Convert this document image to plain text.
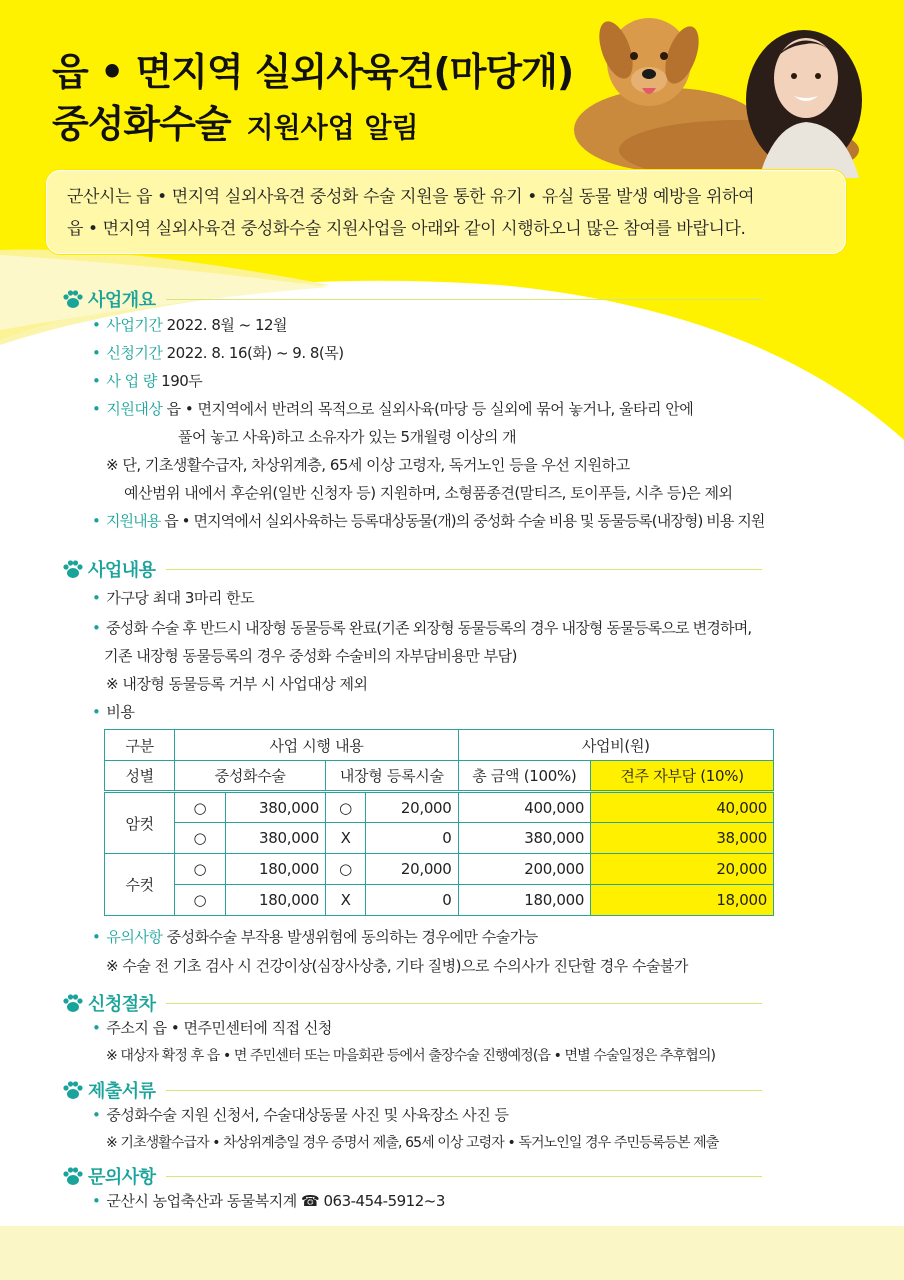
읍 • 면지역 실외사육견(마당개)
중성화수술 지원사업 알림

군산시는 읍 • 면지역 실외사육견 중성화 수술 지원을 통한 유기 • 유실 동물 발생 예방을 위하여

읍 • 면지역 실외사육견 중성화수술 지원사업을 아래와 같이 시행하오니 많은 참여를 바랍니다.

사업개요
• 사업기간 2022. 8월 ~ 12월
• 신청기간 2022. 8. 16(화) ~ 9. 8(목)
• 사 업 량 190두
• 지원대상 읍 • 면지역에서 반려의 목적으로 실외사육(마당 등 실외에 묶어 놓거나, 울타리 안에
풀어 놓고 사육)하고 소유자가 있는 5개월령 이상의 개
※ 단, 기초생활수급자, 차상위계층, 65세 이상 고령자, 독거노인 등을 우선 지원하고
예산범위 내에서 후순위(일반 신청자 등) 지원하며, 소형품종견(말티즈, 토이푸들, 시추 등)은 제외
• 지원내용 읍 • 면지역에서 실외사육하는 등록대상동물(개)의 중성화 수술 비용 및 동물등록(내장형) 비용 지원
사업내용
• 가구당 최대 3마리 한도
• 중성화 수술 후 반드시 내장형 동물등록 완료(기존 외장형 동물등록의 경우 내장형 동물등록으로 변경하며,
기존 내장형 동물등록의 경우 중성화 수술비의 자부담비용만 부담)
※ 내장형 동물등록 거부 시 사업대상 제외
• 비용
구분	사업 시행 내용				사업비(원)	
성별	중성화수술		내장형 등록시술		총 금액 (100%)	견주 자부담 (10%)
암컷	○	380,000	○	20,000	400,000	40,000
	○	380,000	X	0	380,000	38,000
수컷	○	180,000	○	20,000	200,000	20,000
	○	180,000	X	0	180,000	18,000
• 유의사항 중성화수술 부작용 발생위험에 동의하는 경우에만 수술가능
※ 수술 전 기초 검사 시 건강이상(심장사상충, 기타 질병)으로 수의사가 진단할 경우 수술불가
신청절차
• 주소지 읍 • 면주민센터에 직접 신청
※ 대상자 확정 후 읍 • 면 주민센터 또는 마을회관 등에서 출장수술 진행예정(읍 • 면별 수술일정은 추후협의)
제출서류
• 중성화수술 지원 신청서, 수술대상동물 사진 및 사육장소 사진 등
※ 기초생활수급자 • 차상위계층일 경우 증명서 제출, 65세 이상 고령자 • 독거노인일 경우 주민등록등본 제출
문의사항
• 군산시 농업축산과 동물복지계 ☎ 063-454-5912~3
